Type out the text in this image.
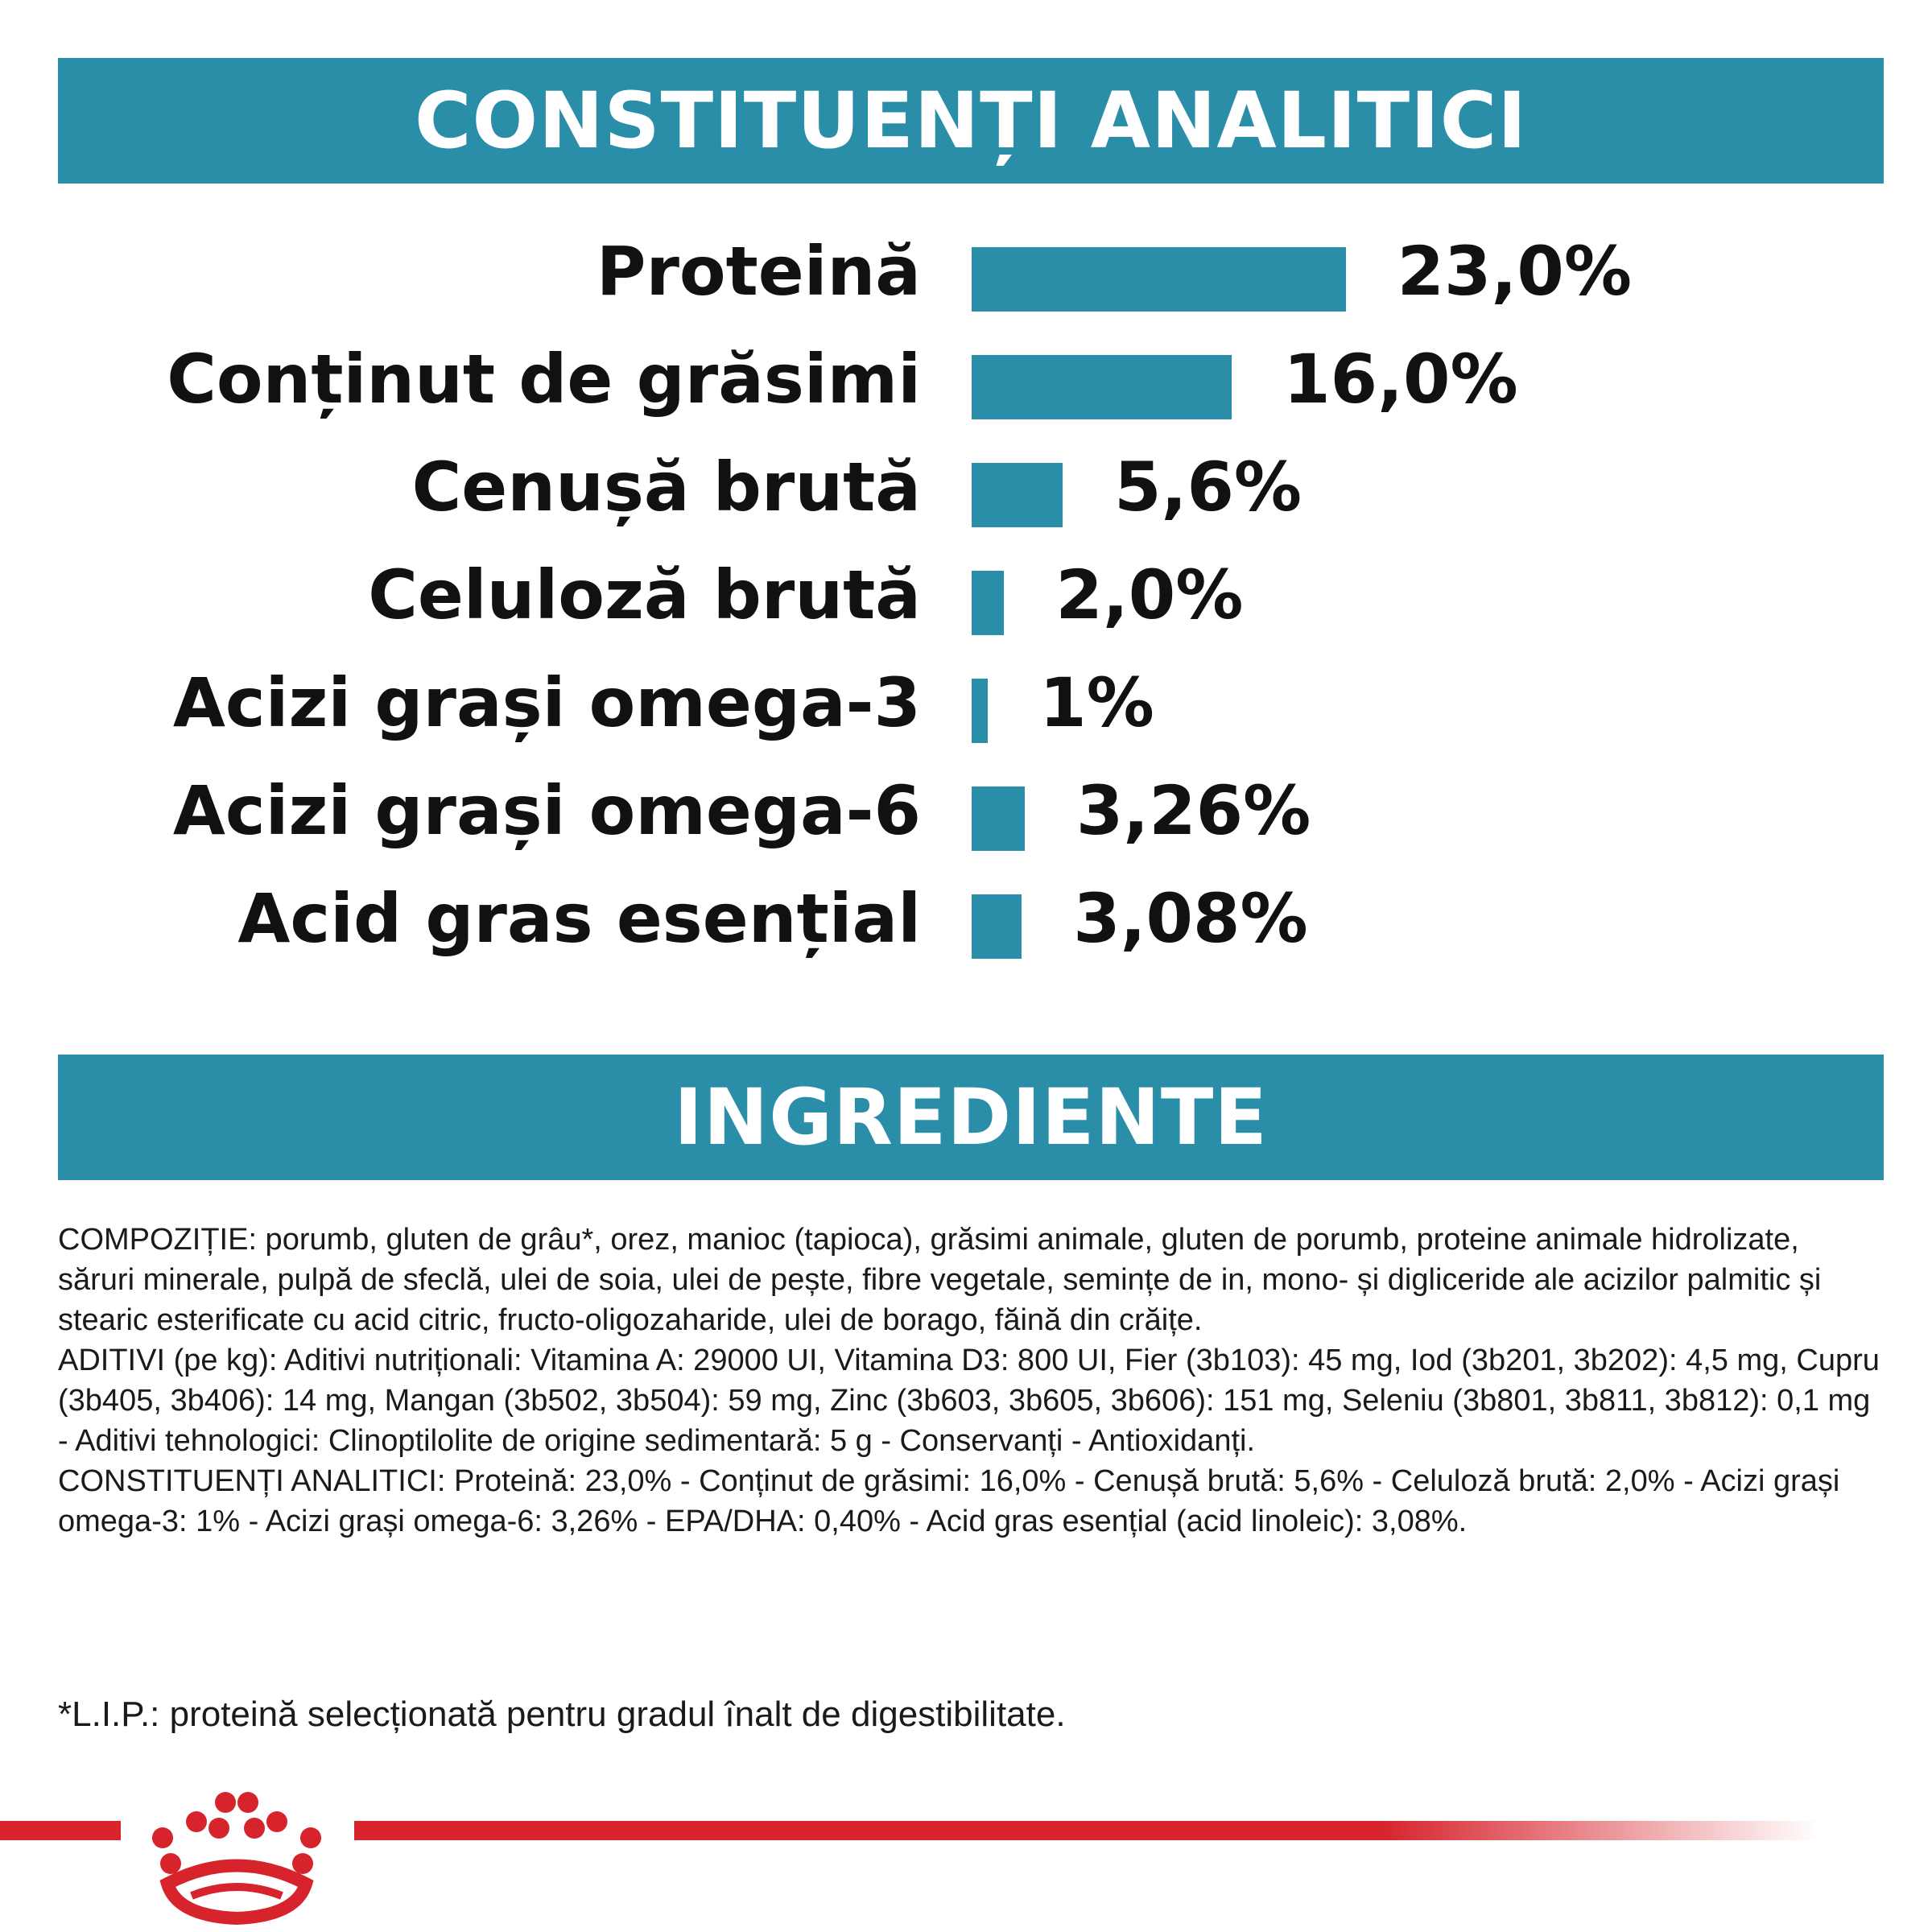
CONSTITUENȚI ANALITICI
Proteină	23,0%
Conținut de grăsimi	16,0%
Cenușă brută	5,6%
Celuloză brută 2,0%
Acizi grași omega-3 1%
Acizi grași omega-6 3,26%
Acid gras esențial 3,08%
INGREDIENTE

COMPOZIȚIE: porumb, gluten de grâu*, orez, manioc (tapioca), grăsimi animale, gluten de porumb, proteine animale hidrolizate, săruri minerale, pulpă de sfeclă, ulei de soia, ulei de pește, fibre vegetale, semințe de in, mono- și digliceride ale acizilor palmitic și stearic esterificate cu acid citric, fructo-oligozaharide, ulei de borago, făină din crăițe.

ADITIVI (pe kg): Aditivi nutriționali: Vitamina A: 29000 UI, Vitamina D3: 800 UI, Fier (3b103): 45 mg, Iod (3b201, 3b202): 4,5 mg, Cupru (3b405, 3b406): 14 mg, Mangan (3b502, 3b504): 59 mg, Zinc (3b603, 3b605, 3b606): 151 mg, Seleniu (3b801, 3b811, 3b812): 0,1 mg - Aditivi tehnologici: Clinoptilolite de origine sedimentară: 5 g - Conservanți - Antioxidanți.

CONSTITUENȚI ANALITICI: Proteină: 23,0% - Conținut de grăsimi: 16,0% - Cenușă brută: 5,6% - Celuloză brută: 2,0% - Acizi grași omega-3: 1% - Acizi grași omega-6: 3,26% - EPA/DHA: 0,40% - Acid gras esențial (acid linoleic): 3,08%.

*L.I.P.: proteină selecționată pentru gradul înalt de digestibilitate.
